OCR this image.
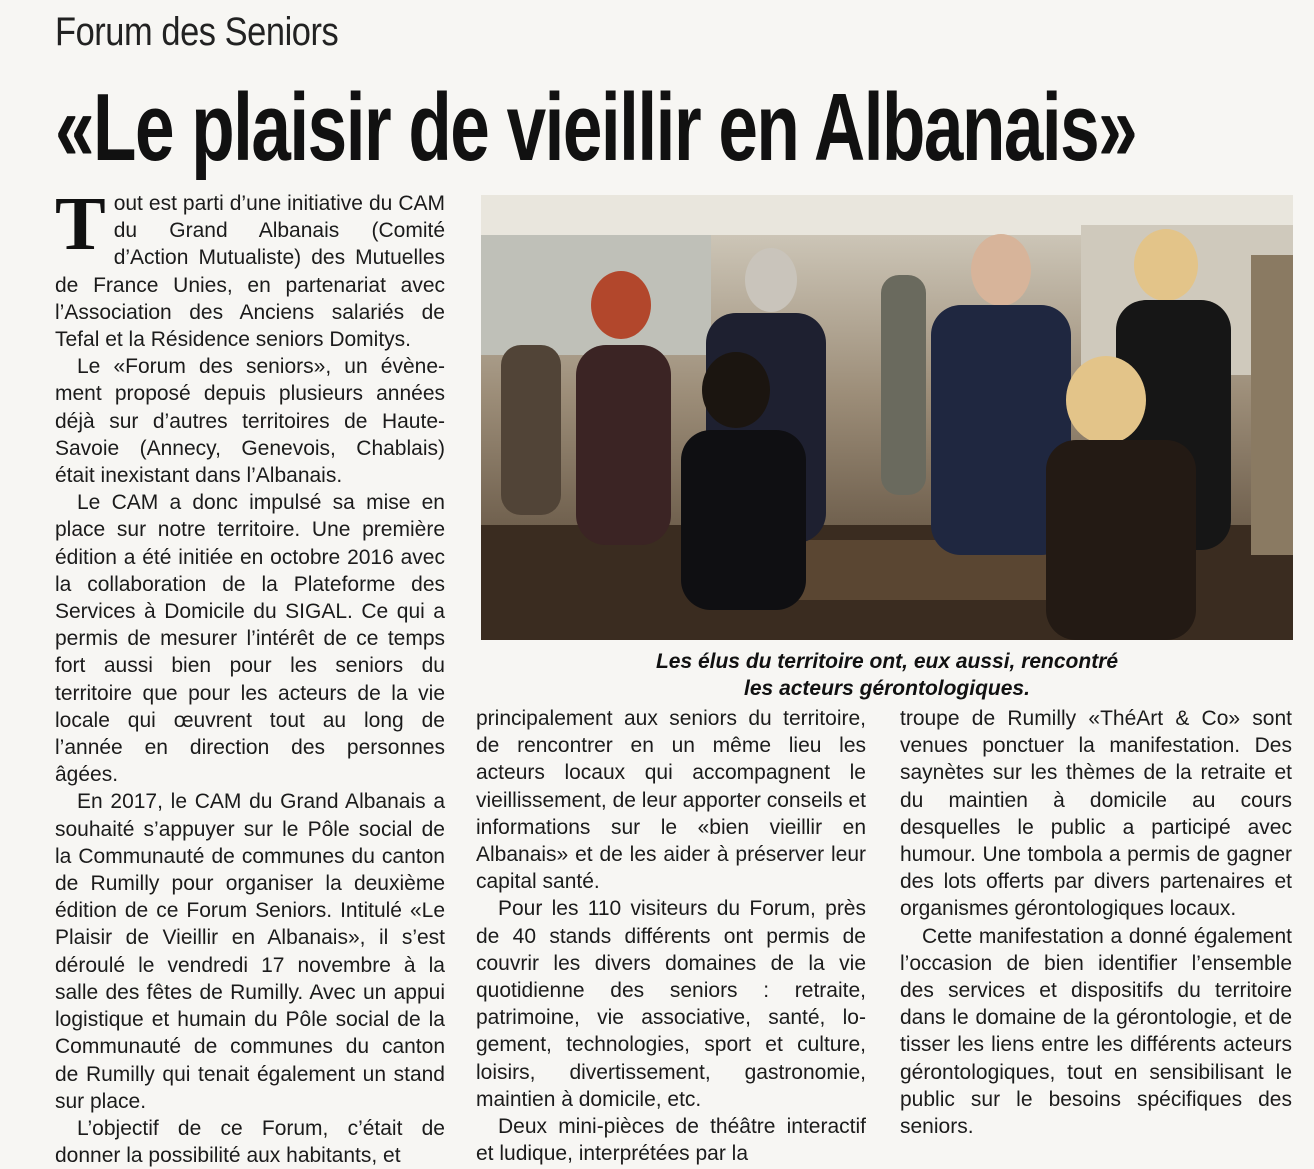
Forum des Seniors
«Le plaisir de vieillir en Albanais»

Tout est parti d’une initiative du CAM du Grand Albanais (Comité d’Action Mutualiste) des Mutuelles de France Unies, en partenariat avec l’Association des Anciens salariés de Tefal et la Résidence seniors Domitys.

Le «Forum des seniors», un évènement proposé depuis plusieurs années déjà sur d’autres territoires de Haute-Savoie (Annecy, Genevois, Chablais) était inexistant dans l’Albanais.

Le CAM a donc impulsé sa mise en place sur notre territoire. Une première édition a été initiée en octobre 2016 avec la collaboration de la Plateforme des Services à Domicile du SIGAL. Ce qui a permis de mesurer l’intérêt de ce temps fort aussi bien pour les seniors du territoire que pour les acteurs de la vie locale qui œuvrent tout au long de l’année en direction des personnes âgées.

En 2017, le CAM du Grand Albanais a souhaité s’appuyer sur le Pôle social de la Communauté de communes du canton de Rumilly pour organiser la deuxième édition de ce Forum Seniors. Intitulé «Le Plaisir de Vieillir en Albanais», il s’est déroulé le vendredi 17 novembre à la salle des fêtes de Rumilly. Avec un appui logistique et humain du Pôle social de la Communauté de communes du canton de Rumilly qui tenait également un stand sur place.

L’objectif de ce Forum, c’était de donner la possibilité aux habitants, et

Les élus du territoire ont, eux aussi, rencontré
les acteurs gérontologiques.

principalement aux seniors du territoire, de rencontrer en un même lieu les acteurs locaux qui accompagnent le vieillissement, de leur apporter conseils et informations sur le «bien vieillir en Albanais» et de les aider à préserver leur capital santé.

Pour les 110 visiteurs du Forum, près de 40 stands différents ont permis de couvrir les divers domaines de la vie quotidienne des seniors : retraite, patrimoine, vie associative, santé, logement, technologies, sport et culture, loisirs, divertissement, gastronomie, maintien à domicile, etc.

Deux mini-pièces de théâtre interactif et ludique, interprétées par la

troupe de Rumilly «ThéArt & Co» sont venues ponctuer la manifestation. Des saynètes sur les thèmes de la retraite et du maintien à domicile au cours desquelles le public a participé avec humour. Une tombola a permis de gagner des lots offerts par divers partenaires et organismes gérontologiques locaux.

Cette manifestation a donné également l’occasion de bien identifier l’ensemble des services et dispositifs du territoire dans le domaine de la gérontologie, et de tisser les liens entre les différents acteurs gérontologiques, tout en sensibilisant le public sur le besoins spécifiques des seniors.
